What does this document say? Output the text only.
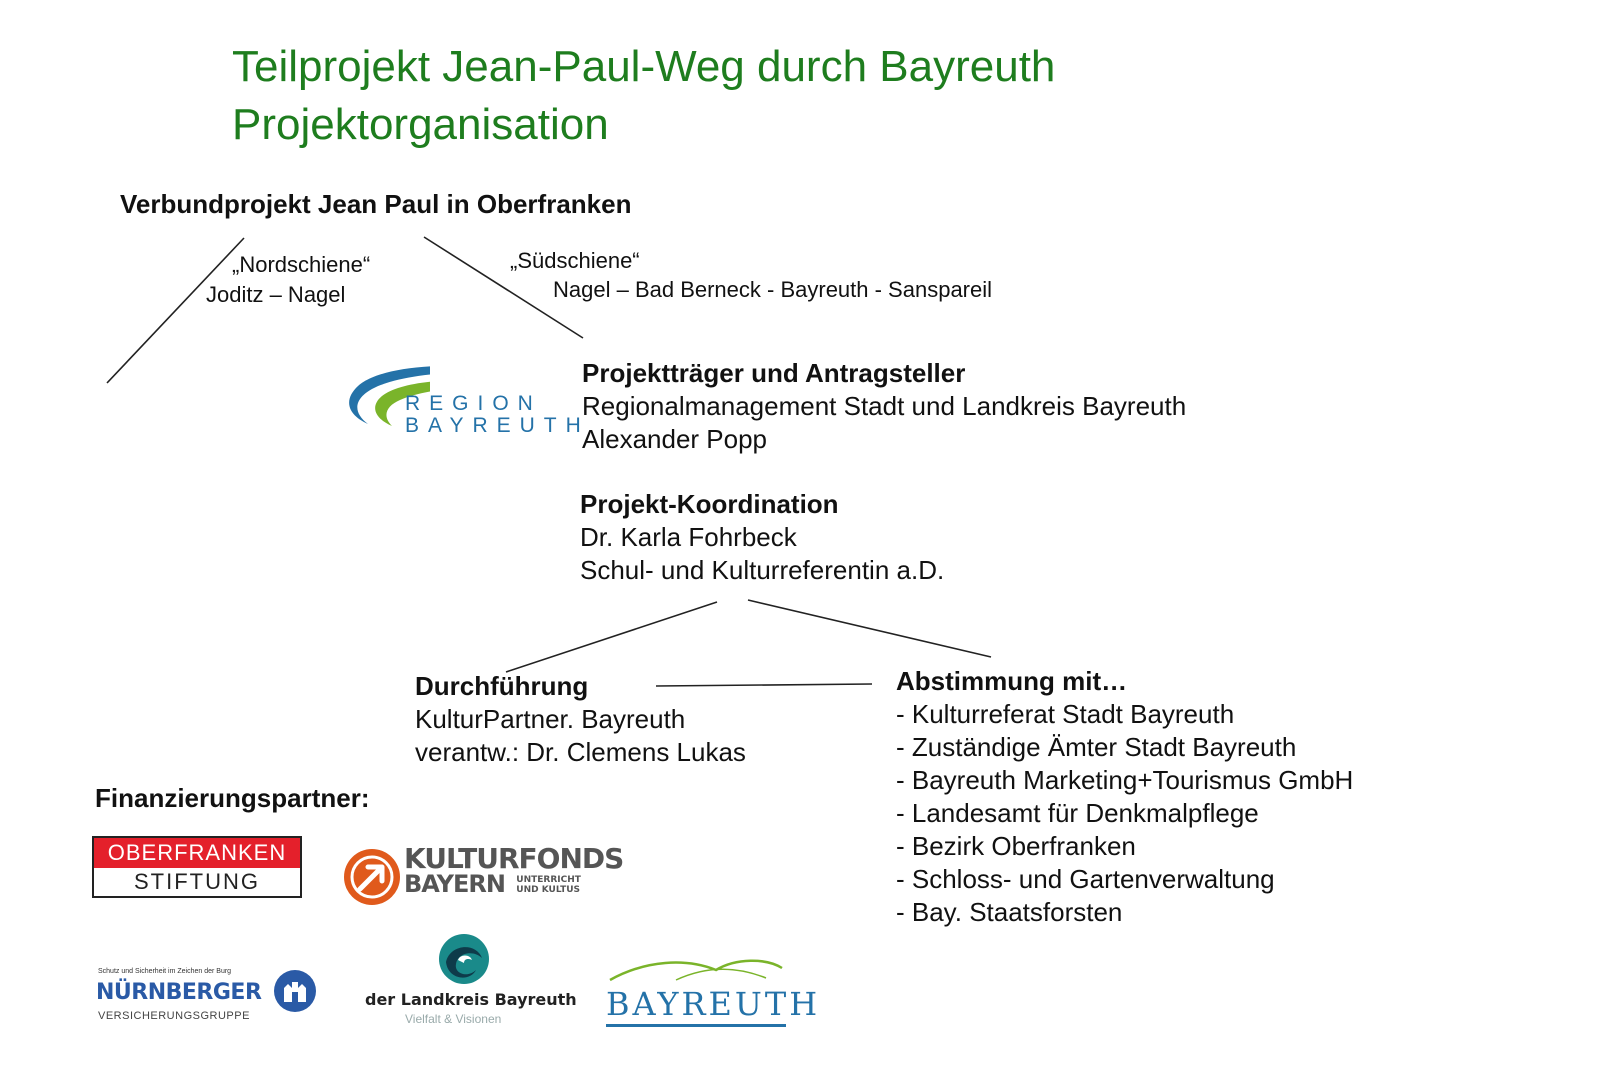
Teilprojekt Jean-Paul-Weg durch Bayreuth
Projektorganisation
Verbundprojekt Jean Paul in Oberfranken
„Nordschiene“
Joditz – Nagel
„Südschiene“
Nagel – Bad Berneck - Bayreuth - Sanspareil
REGION
BAYREUTH
Projektträger und Antragsteller
Regionalmanagement Stadt und Landkreis Bayreuth
Alexander Popp
Projekt-Koordination
Dr. Karla Fohrbeck
Schul- und Kulturreferentin a.D.
Durchführung
KulturPartner. Bayreuth
verantw.: Dr. Clemens Lukas
Abstimmung mit…
- Kulturreferat Stadt Bayreuth
- Zuständige Ämter Stadt Bayreuth
- Bayreuth Marketing+Tourismus GmbH
- Landesamt für Denkmalpflege
- Bezirk Oberfranken
- Schloss- und Gartenverwaltung
- Bay. Staatsforsten
Finanzierungspartner:
OBERFRANKEN
STIFTUNG
KULTURFONDS
BAYERN UNTERRICHT
UND KULTUS
Schutz und Sicherheit im Zeichen der Burg
NÜRNBERGER
VERSICHERUNGSGRUPPE
der Landkreis Bayreuth
Vielfalt & Visionen	BAYREUTH
